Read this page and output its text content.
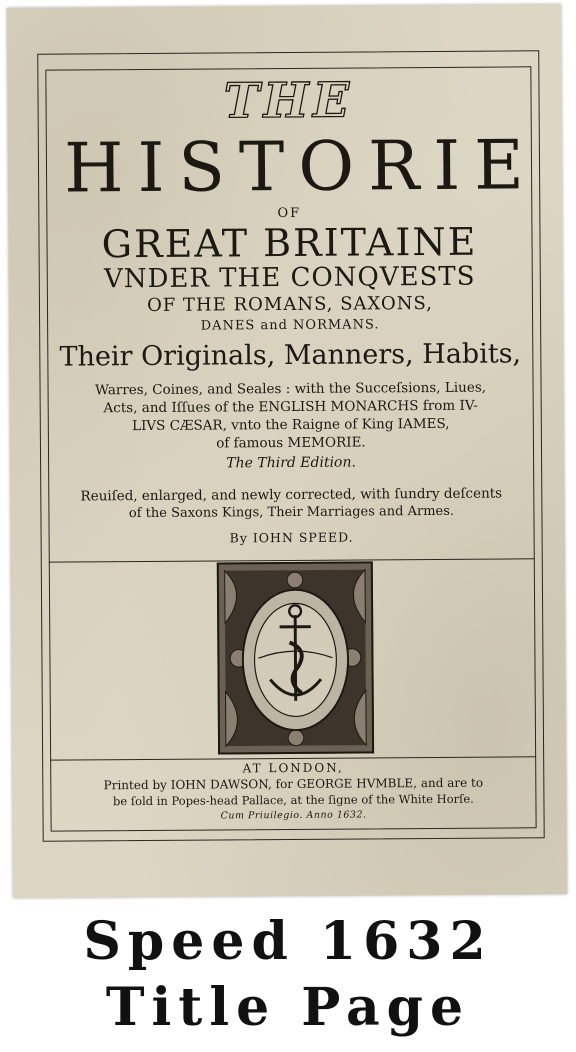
THE
HISTORIE
OF
GREAT BRITAINE
VNDER THE CONQVESTS
OF THE ROMANS, SAXONS,
DANES and NORMANS.
Their Originals, Manners, Habits,
Warres, Coines, and Seales : with the Succeſsions, Liues,
Acts, and Iſſues of the ENGLISH MONARCHS from IV-
LIVS CÆSAR, vnto the Raigne of King IAMES,
of famous MEMORIE.
The Third Edition.
Reuiſed, enlarged, and newly corrected, with ſundry deſcents
of the Saxons Kings, Their Marriages and Armes.
By IOHN SPEED.
AT LONDON,
Printed by IOHN DAWSON, for GEORGE HVMBLE, and are to
be ſold in Popes-head Pallace, at the ſigne of the White Horſe.
Cum Priuilegio. Anno 1632.
Speed 1632
Title Page
